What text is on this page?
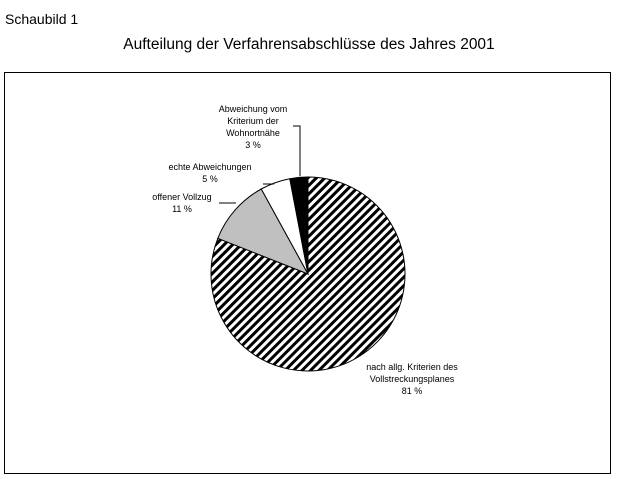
Schaubild 1
Aufteilung der Verfahrensabschlüsse des Jahres 2001
nach allg. Kriterien des Vollstreckungsplanes 81 %
offener Vollzug 11 %
echte Abweichungen 5 %
Abweichung vom Kriterium der Wohnortnähe 3 %
